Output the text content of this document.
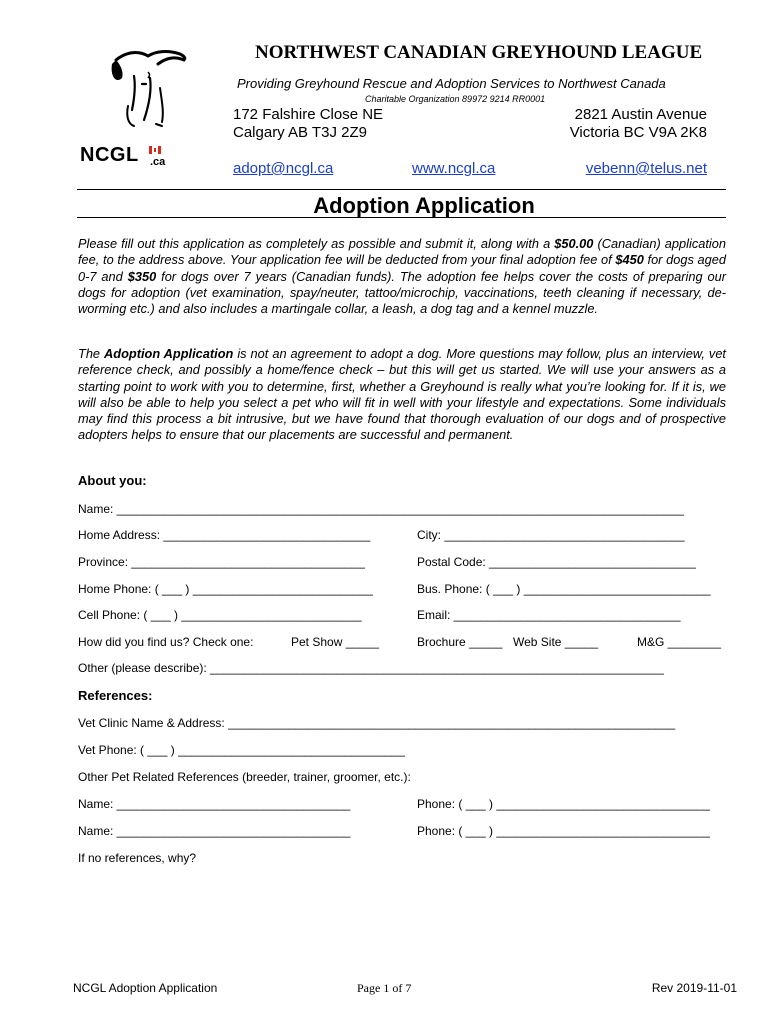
NCGL .ca
NORTHWEST CANADIAN GREYHOUND LEAGUE
Providing Greyhound Rescue and Adoption Services to Northwest Canada
Charitable Organization 89972 9214 RR0001
172 Falshire Close NE
Calgary AB T3J 2Z9
2821 Austin Avenue
Victoria BC V9A 2K8
adopt@ncgl.ca	www.ncgl.ca	vebenn@telus.net
Adoption Application
Please fill out this application as completely as possible and submit it, along with a $50.00 (Canadian) application fee, to the address above. Your application fee will be deducted from your final adoption fee of $450 for dogs aged 0-7 and $350 for dogs over 7 years (Canadian funds). The adoption fee helps cover the costs of preparing our dogs for adoption (vet examination, spay/neuter, tattoo/microchip, vaccinations, teeth cleaning if necessary, de-worming etc.) and also includes a martingale collar, a leash, a dog tag and a kennel muzzle.
The Adoption Application is not an agreement to adopt a dog. More questions may follow, plus an interview, vet reference check, and possibly a home/fence check – but this will get us started. We will use your answers as a starting point to work with you to determine, first, whether a Greyhound is really what you’re looking for. If it is, we will also be able to help you select a pet who will fit in well with your lifestyle and expectations. Some individuals may find this process a bit intrusive, but we have found that thorough evaluation of our dogs and of prospective adopters helps to ensure that our placements are successful and permanent.
About you:
Name: _____________________________________________________________________________________
Home Address: _______________________________	City: ____________________________________
Province: ___________________________________	Postal Code: _______________________________
Home Phone: ( ___ ) ___________________________	Bus. Phone: ( ___ ) ____________________________
Cell Phone: ( ___ ) ___________________________	Email: __________________________________
How did you find us? Check one:	Pet Show _____	Brochure _____ Web Site _____	M&G ________
Other (please describe): ____________________________________________________________________
References:
Vet Clinic Name & Address: ___________________________________________________________________
Vet Phone: ( ___ ) __________________________________
Other Pet Related References (breeder, trainer, groomer, etc.):
Name: ___________________________________	Phone: ( ___ ) ________________________________
Name: ___________________________________	Phone: ( ___ ) ________________________________
If no references, why?
NCGL Adoption Application	Page 1 of 7	Rev 2019-11-01
